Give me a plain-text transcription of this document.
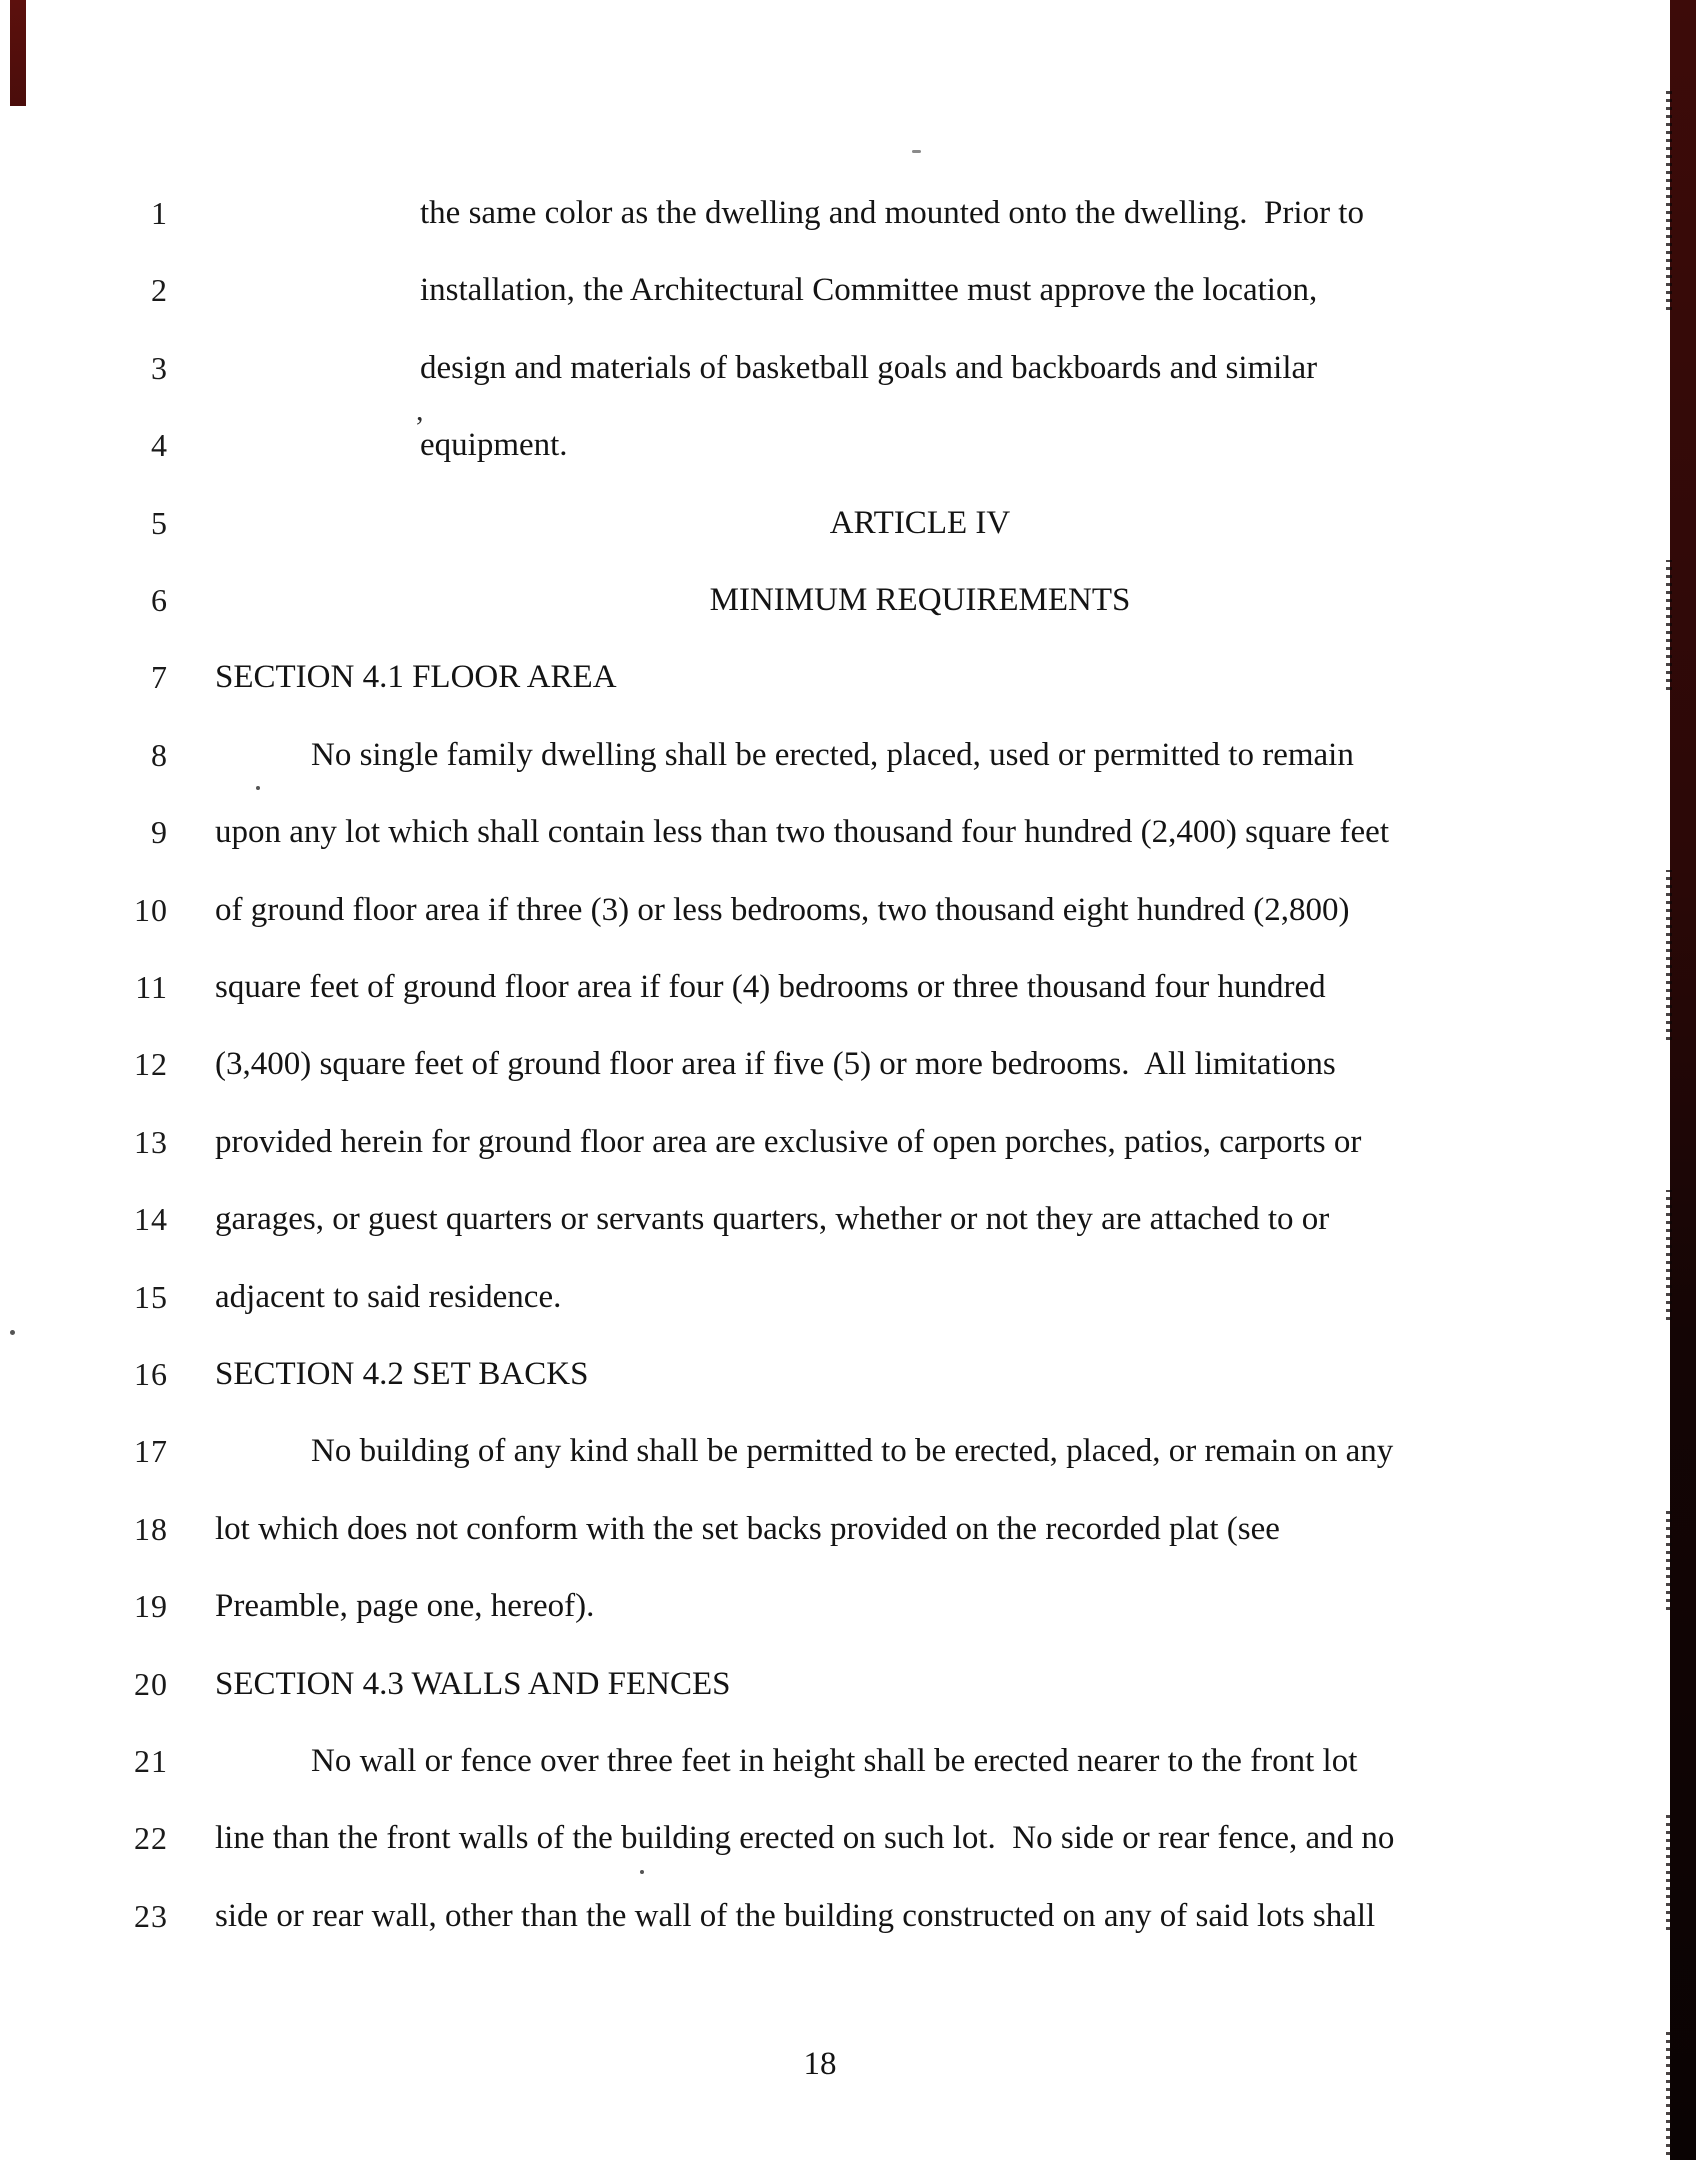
1	the same color as the dwelling and mounted onto the dwelling.  Prior to
2	installation, the Architectural Committee must approve the location,
3	design and materials of basketball goals and backboards and similar
4	equipment.
5	ARTICLE IV
6	MINIMUM REQUIREMENTS
7 SECTION 4.1 FLOOR AREA
8	No single family dwelling shall be erected, placed, used or permitted to remain
9 upon any lot which shall contain less than two thousand four hundred (2,400) square feet
10 of ground floor area if three (3) or less bedrooms, two thousand eight hundred (2,800)
11 square feet of ground floor area if four (4) bedrooms or three thousand four hundred
12 (3,400) square feet of ground floor area if five (5) or more bedrooms.  All limitations
13 provided herein for ground floor area are exclusive of open porches, patios, carports or
14 garages, or guest quarters or servants quarters, whether or not they are attached to or
15 adjacent to said residence.
16 SECTION 4.2 SET BACKS
17	No building of any kind shall be permitted to be erected, placed, or remain on any
18 lot which does not conform with the set backs provided on the recorded plat (see
19 Preamble, page one, hereof).
20 SECTION 4.3 WALLS AND FENCES
21	No wall or fence over three feet in height shall be erected nearer to the front lot
22 line than the front walls of the building erected on such lot.  No side or rear fence, and no
23 side or rear wall, other than the wall of the building constructed on any of said lots shall
18
,
